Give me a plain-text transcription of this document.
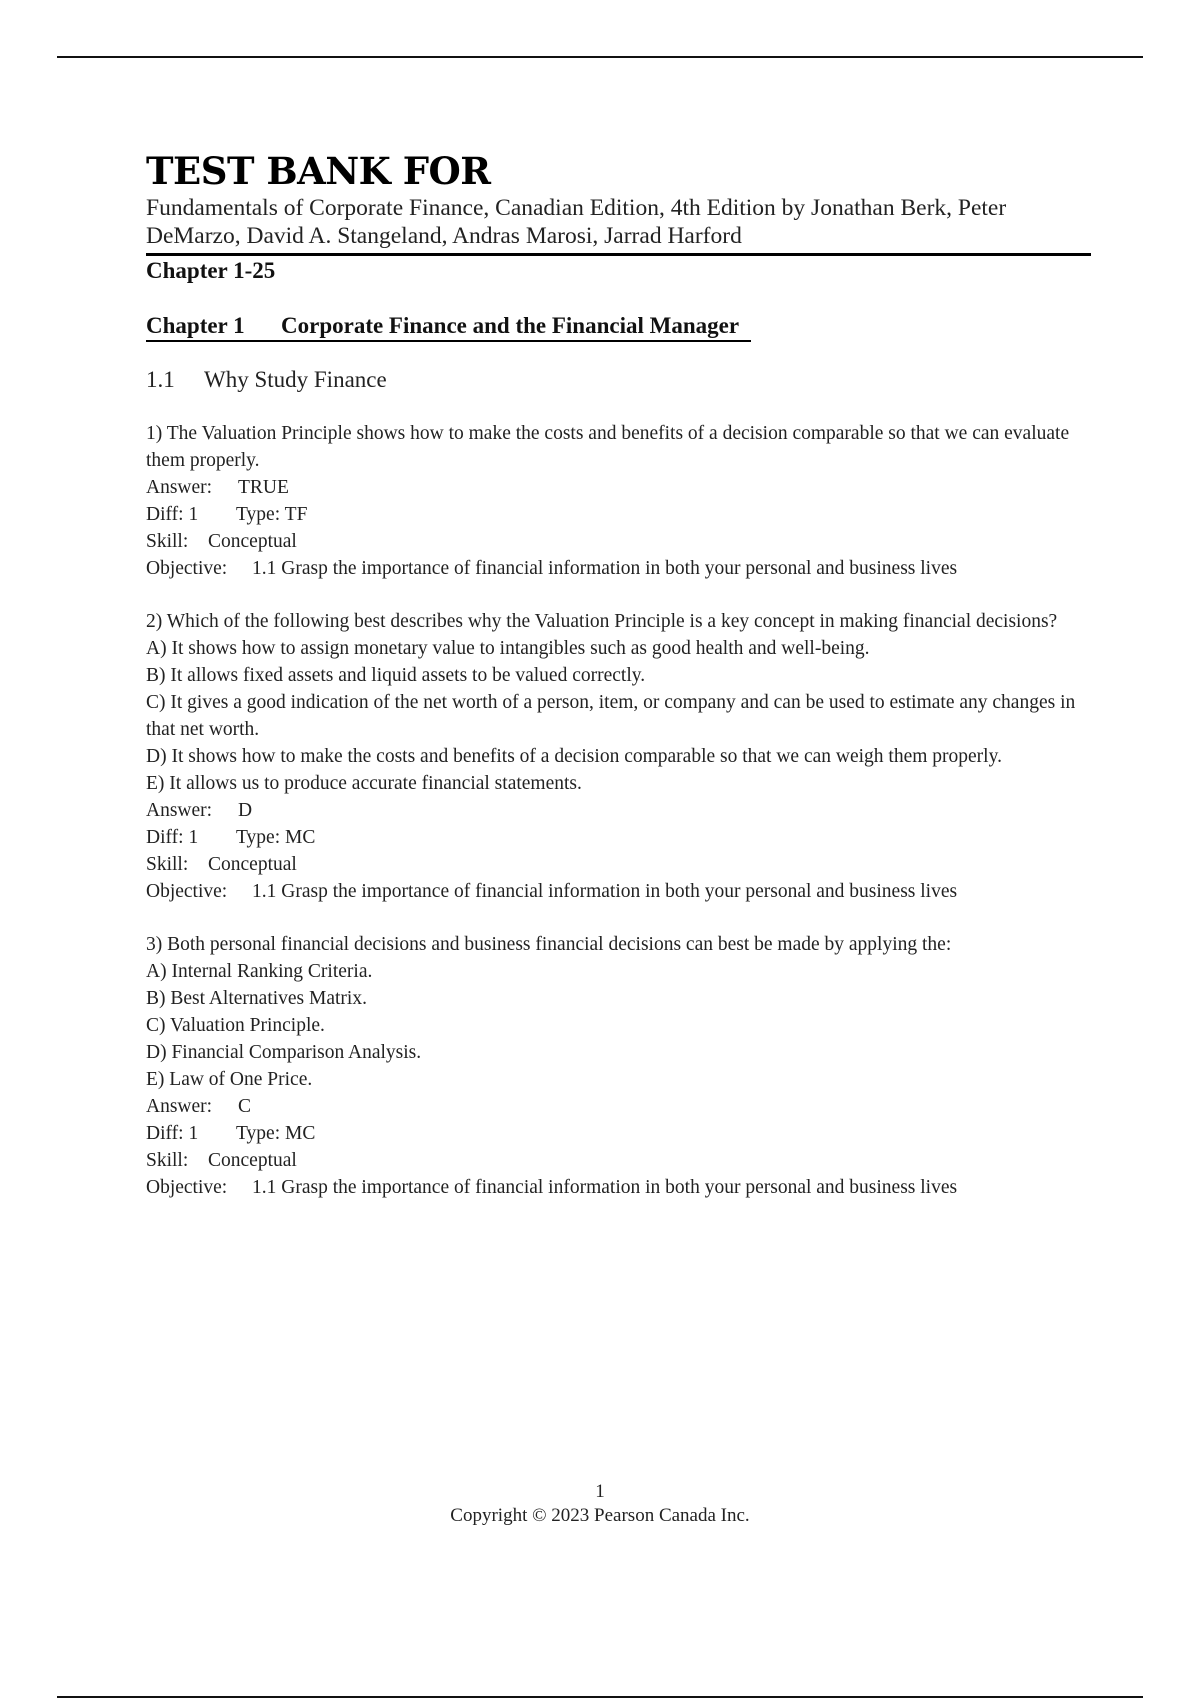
TEST BANK FOR
Fundamentals of Corporate Finance, Canadian Edition, 4th Edition by Jonathan Berk, Peter
DeMarzo, David A. Stangeland, Andras Marosi, Jarrad Harford
Chapter 1-25
Chapter 1 Corporate Finance and the Financial Manager
1.1 Why Study Finance
1) The Valuation Principle shows how to make the costs and benefits of a decision comparable so that we can evaluate them properly.
Answer: TRUE
Diff: 1 Type: TF
Skill: Conceptual
Objective: 1.1 Grasp the importance of financial information in both your personal and business lives
2) Which of the following best describes why the Valuation Principle is a key concept in making financial decisions?
A) It shows how to assign monetary value to intangibles such as good health and well-being.
B) It allows fixed assets and liquid assets to be valued correctly.
C) It gives a good indication of the net worth of a person, item, or company and can be used to estimate any changes in that net worth.
D) It shows how to make the costs and benefits of a decision comparable so that we can weigh them properly.
E) It allows us to produce accurate financial statements.
Answer: D
Diff: 1 Type: MC
Skill: Conceptual
Objective: 1.1 Grasp the importance of financial information in both your personal and business lives
3) Both personal financial decisions and business financial decisions can best be made by applying the:
A) Internal Ranking Criteria.
B) Best Alternatives Matrix.
C) Valuation Principle.
D) Financial Comparison Analysis.
E) Law of One Price.
Answer: C
Diff: 1 Type: MC
Skill: Conceptual
Objective: 1.1 Grasp the importance of financial information in both your personal and business lives
1
Copyright © 2023 Pearson Canada Inc.
